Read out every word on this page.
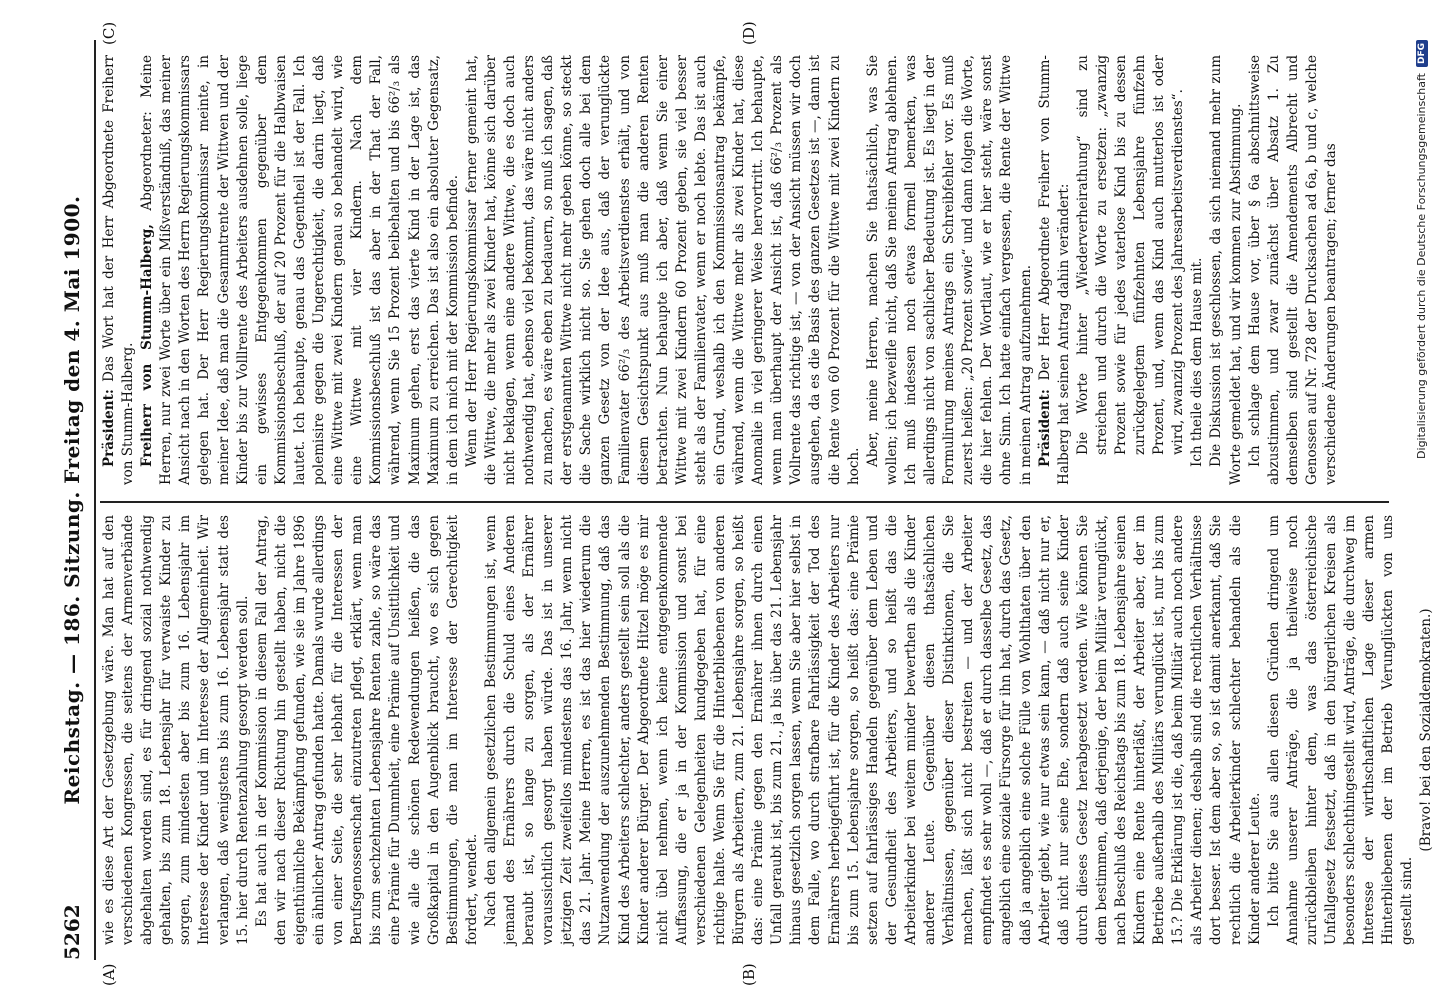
5262
Reichstag. — 186. Sitzung. Freitag den 4. Mai 1900.
(A)	(B)
(C)	(D)

wie es diese Art der Gesetzgebung wäre. Man hat auf den verschiedenen Kongressen, die seitens der Armenverbände abgehalten worden sind, es für dringend sozial nothwendig gehalten, bis zum 18. Lebensjahr für verwaiste Kinder zu sorgen, zum mindesten aber bis zum 16. Lebensjahr im Interesse der Kinder und im Interesse der Allgemeinheit. Wir verlangen, daß wenigstens bis zum 16. Lebensjahr statt des 15. hier durch Rentenzahlung gesorgt werden soll. Es hat auch in der Kommission in diesem Fall der Antrag, den wir nach dieser Richtung hin gestellt haben, nicht die eigenthümliche Bekämpfung gefunden, wie sie im Jahre 1896 ein ähnlicher Antrag gefunden hatte. Damals wurde allerdings von einer Seite, die sehr lebhaft für die Interessen der Berufsgenossenschaft einzutreten pflegt, erklärt, wenn man bis zum sechzehnten Lebensjahre Renten zahle, so wäre das eine Prämie für Dummheit, eine Prämie auf Unsittlichkeit und wie alle die schönen Redewendungen heißen, die das Großkapital in den Augenblick braucht, wo es sich gegen Bestimmungen, die man im Interesse der Gerechtigkeit fordert, wendet. Nach den allgemein gesetzlichen Bestimmungen ist, wenn jemand des Ernährers durch die Schuld eines Anderen beraubt ist, so lange zu sorgen, als der Ernährer voraussichtlich gesorgt haben würde. Das ist in unserer jetzigen Zeit zweifellos mindestens das 16. Jahr, wenn nicht das 21. Jahr. Meine Herren, es ist das hier wiederum die Nutzanwendung der auszunehmenden Bestimmung, daß das Kind des Arbeiters schlechter, anders gestellt sein soll als die Kinder anderer Bürger. Der Abgeordnete Hitzel möge es mir nicht übel nehmen, wenn ich keine entgegenkommende Auffassung, die er ja in der Kommission und sonst bei verschiedenen Gelegenheiten kundgegeben hat, für eine richtige halte. Wenn Sie für die Hinterbliebenen von anderen Bürgern als Arbeitern, zum 21. Lebensjahre sorgen, so heißt das: eine Prämie gegen den Ernährer ihnen durch einen Unfall geraubt ist, bis zum 21., ja bis über das 21. Lebensjahr hinaus gesetzlich sorgen lassen, wenn Sie aber hier selbst in dem Falle, wo durch strafbare Fahrlässigkeit der Tod des Ernährers herbeigeführt ist, für die Kinder des Arbeiters nur bis zum 15. Lebensjahre sorgen, so heißt das: eine Prämie setzen auf fahrlässiges Handeln gegenüber dem Leben und der Gesundheit des Arbeiters, und so heißt das die Arbeiterkinder bei weitem minder bewerthen als die Kinder anderer Leute. Gegenüber diesen thatsächlichen Verhältnissen, gegenüber dieser Distinktionen, die Sie machen, läßt sich nicht bestreiten — und der Arbeiter empfindet es sehr wohl —, daß er durch dasselbe Gesetz, das angeblich eine soziale Fürsorge für ihn hat, durch das Gesetz, daß ja angeblich eine solche Fülle von Wohlthaten über den Arbeiter giebt, wie nur etwas sein kann, — daß nicht nur er, daß nicht nur seine Ehe, sondern daß auch seine Kinder durch dieses Gesetz herabgesetzt werden. Wie können Sie dem bestimmen, daß derjenige, der beim Militär verunglückt, nach Beschluß des Reichstags bis zum 18. Lebensjahre seinen Kindern eine Rente hinterläßt, der Arbeiter aber, der im Betriebe außerhalb des Militärs verunglückt ist, nur bis zum 15.? Die Erklärung ist die, daß beim Militär auch noch andere als Arbeiter dienen; deshalb sind die rechtlichen Verhältnisse dort besser. Ist dem aber so, so ist damit anerkannt, daß Sie rechtlich die Arbeiterkinder schlechter behandeln als die Kinder anderer Leute. Ich bitte Sie aus allen diesen Gründen dringend um Annahme unserer Anträge, die ja theilweise noch zurückbleiben hinter dem, was das österreichische Unfallgesetz festsetzt, daß in den bürgerlichen Kreisen als besonders schlechthingestellt wird, Anträge, die durchweg im Interesse der wirthschaftlichen Lage dieser armen Hinterbliebenen der im Betrieb Verunglückten von uns gestellt sind.

(Bravo! bei den Sozialdemokraten.)

Präsident: Das Wort hat der Herr Abgeordnete Freiherr von Stumm-Halberg. Freiherr von Stumm-Halberg, Abgeordneter: Meine Herren, nur zwei Worte über ein Mißverständniß, das meiner Ansicht nach in den Worten des Herrn Regierungskommissars gelegen hat. Der Herr Regierungskommissar meinte, in meiner Idee, daß man die Gesammtrente der Wittwen und der Kinder bis zur Volllrente des Arbeiters ausdehnen solle, liege ein gewisses Entgegenkommen gegenüber dem Kommissionsbeschluß, der auf 20 Prozent für die Halbwaisen lautet. Ich behaupte, genau das Gegentheil ist der Fall. Ich polemisire gegen die Ungerechtigkeit, die darin liegt, daß eine Wittwe mit zwei Kindern genau so behandelt wird, wie eine Wittwe mit vier Kindern. Nach dem Kommissionsbeschluß ist das aber in der That der Fall, während, wenn Sie 15 Prozent beibehalten und bis 66²/₃ als Maximum gehen, erst das vierte Kind in der Lage ist, das Maximum zu erreichen. Das ist also ein absoluter Gegensatz, in dem ich mich mit der Kommission befinde. Wenn der Herr Regierungskommissar ferner gemeint hat, die Wittwe, die mehr als zwei Kinder hat, könne sich darüber nicht beklagen, wenn eine andere Wittwe, die es doch auch nothwendig hat, ebenso viel bekommt, das wäre nicht anders zu machen, es wäre eben zu bedauern, so muß ich sagen, daß der erstgenannten Wittwe nicht mehr geben könne, so steckt die Sache wirklich nicht so. Sie gehen doch alle bei dem ganzen Gesetz von der Idee aus, daß der verunglückte Familienvater 66²/₃ des Arbeitsverdienstes erhält, und von diesem Gesichtspunkt aus muß man die anderen Renten betrachten. Nun behaupte ich aber, daß wenn Sie einer Wittwe mit zwei Kindern 60 Prozent geben, sie viel besser steht als der Familienvater, wenn er noch lebte. Das ist auch ein Grund, weshalb ich den Kommissionsantrag bekämpfe, während, wenn die Wittwe mehr als zwei Kinder hat, diese Anomalie in viel geringerer Weise hervortritt. Ich behaupte, wenn man überhaupt der Ansicht ist, daß 66²/₃ Prozent als Vollrente das richtige ist, — von der Ansicht müssen wir doch ausgehen, da es die Basis des ganzen Gesetzes ist —, dann ist die Rente von 60 Prozent für die Wittwe mit zwei Kindern zu hoch. Aber, meine Herren, machen Sie thatsächlich, was Sie wollen; ich bezweifle nicht, daß Sie meinen Antrag ablehnen. Ich muß indessen noch etwas formell bemerken, was allerdings nicht von sachlicher Bedeutung ist. Es liegt in der Formulirung meines Antrags ein Schreibfehler vor. Es muß zuerst heißen: „20 Prozent sowie“ und dann folgen die Worte, die hier fehlen. Der Wortlaut, wie er hier steht, wäre sonst ohne Sinn. Ich hatte einfach vergessen, die Rente der Wittwe in meinen Antrag aufzunehmen. Präsident: Der Herr Abgeordnete Freiherr von Stumm-Halberg hat seinen Antrag dahin verändert: Die Worte hinter „Wiederverheirathung“ sind zu streichen und durch die Worte zu ersetzen: „zwanzig Prozent sowie für jedes vaterlose Kind bis zu dessen zurückgelegtem fünfzehnten Lebensjahre fünfzehn Prozent, und, wenn das Kind auch mutterlos ist oder wird, zwanzig Prozent des Jahresarbeitsverdienstes“. Ich theile dies dem Hause mit. Die Diskussion ist geschlossen, da sich niemand mehr zum Worte gemeldet hat, und wir kommen zur Abstimmung. Ich schlage dem Hause vor, über § 6a abschnittsweise abzustimmen, und zwar zunächst über Absatz 1. Zu demselben sind gestellt die Amendements Albrecht und Genossen auf Nr. 728 der Drucksachen ad 6a, b und c, welche verschiedene Änderungen beantragen; ferner das	Digitalisierung gefördert durch die Deutsche Forschungsgemeinschaft
DFG
